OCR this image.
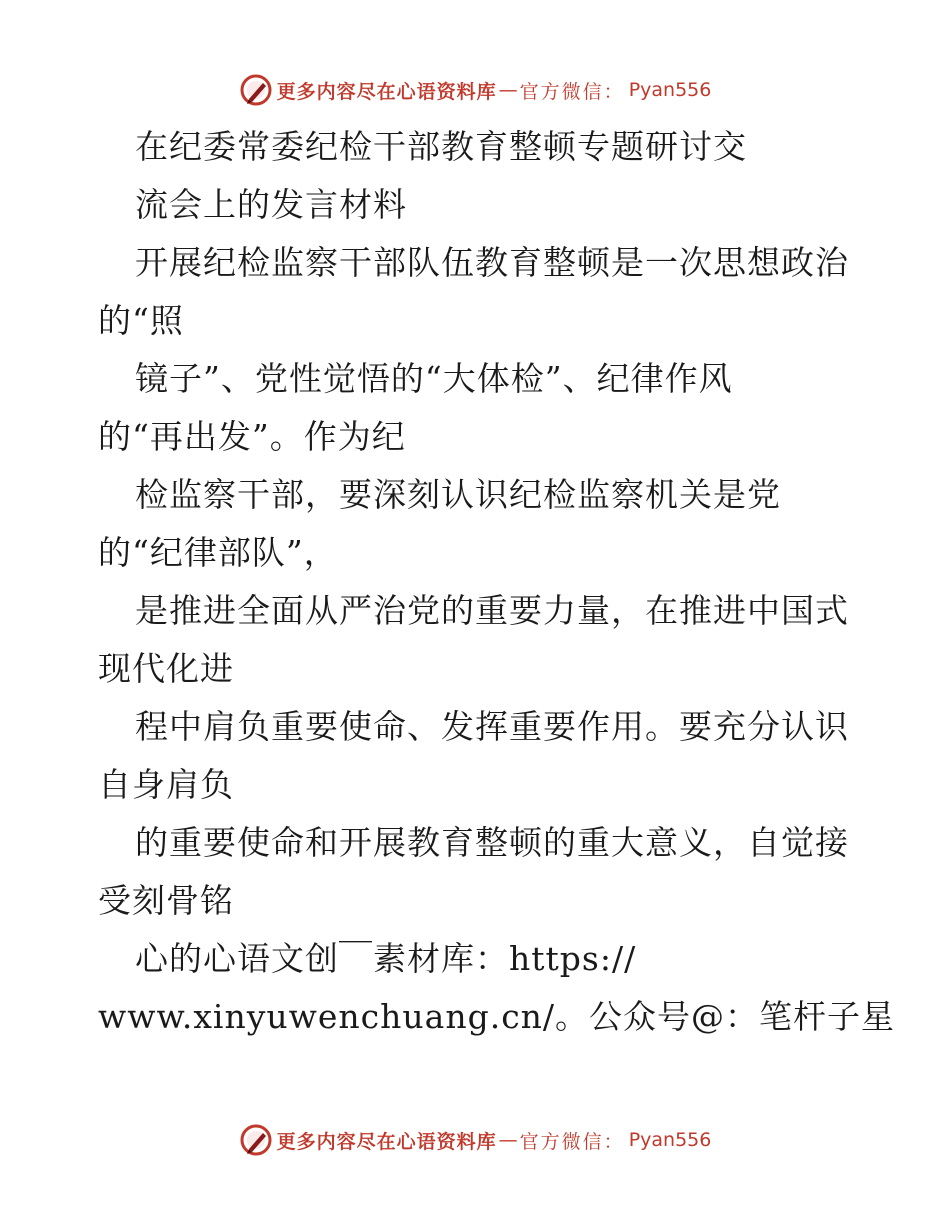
更多内容尽在心语资料库 — 官方微信： Pyan556
在纪委常委纪检干部教育整顿专题研讨交
流会上的发言材料
开展纪检监察干部队伍教育整顿是一次思想政治
的“照
镜子”、党性觉悟的“大体检”、纪律作风
的“再出发”。作为纪
检监察干部，要深刻认识纪检监察机关是党
的“纪律部队”，
是推进全面从严治党的重要力量，在推进中国式
现代化进
程中肩负重要使命、发挥重要作用。要充分认识
自身肩负
的重要使命和开展教育整顿的重大意义，自觉接
受刻骨铭
心的心语文创￣素材库：https://
www.xinyuwenchuang.cn/。公众号@：笔杆子星
更多内容尽在心语资料库 — 官方微信： Pyan556
